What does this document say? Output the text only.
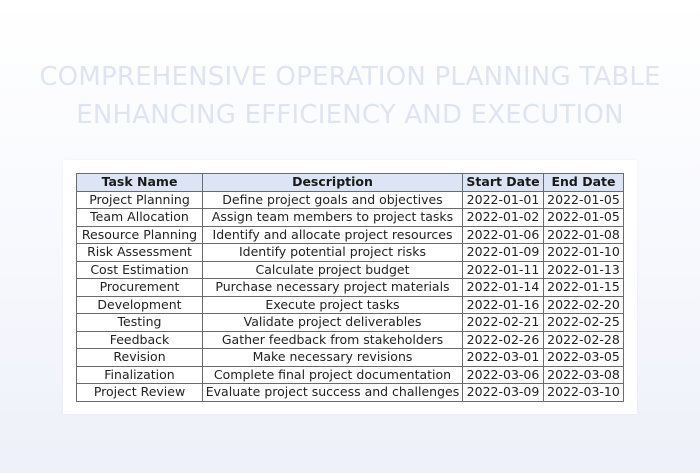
COMPREHENSIVE OPERATION PLANNING TABLE
ENHANCING EFFICIENCY AND EXECUTION
Task Name	Description	Start Date	End Date
Project Planning	Define project goals and objectives	2022-01-01	2022-01-05
Team Allocation	Assign team members to project tasks	2022-01-02	2022-01-05
Resource Planning	Identify and allocate project resources	2022-01-06	2022-01-08
Risk Assessment	Identify potential project risks	2022-01-09	2022-01-10
Cost Estimation	Calculate project budget	2022-01-11	2022-01-13
Procurement	Purchase necessary project materials	2022-01-14	2022-01-15
Development	Execute project tasks	2022-01-16	2022-02-20
Testing	Validate project deliverables	2022-02-21	2022-02-25
Feedback	Gather feedback from stakeholders	2022-02-26	2022-02-28
Revision	Make necessary revisions	2022-03-01	2022-03-05
Finalization	Complete final project documentation	2022-03-06	2022-03-08
Project Review	Evaluate project success and challenges	2022-03-09	2022-03-10
